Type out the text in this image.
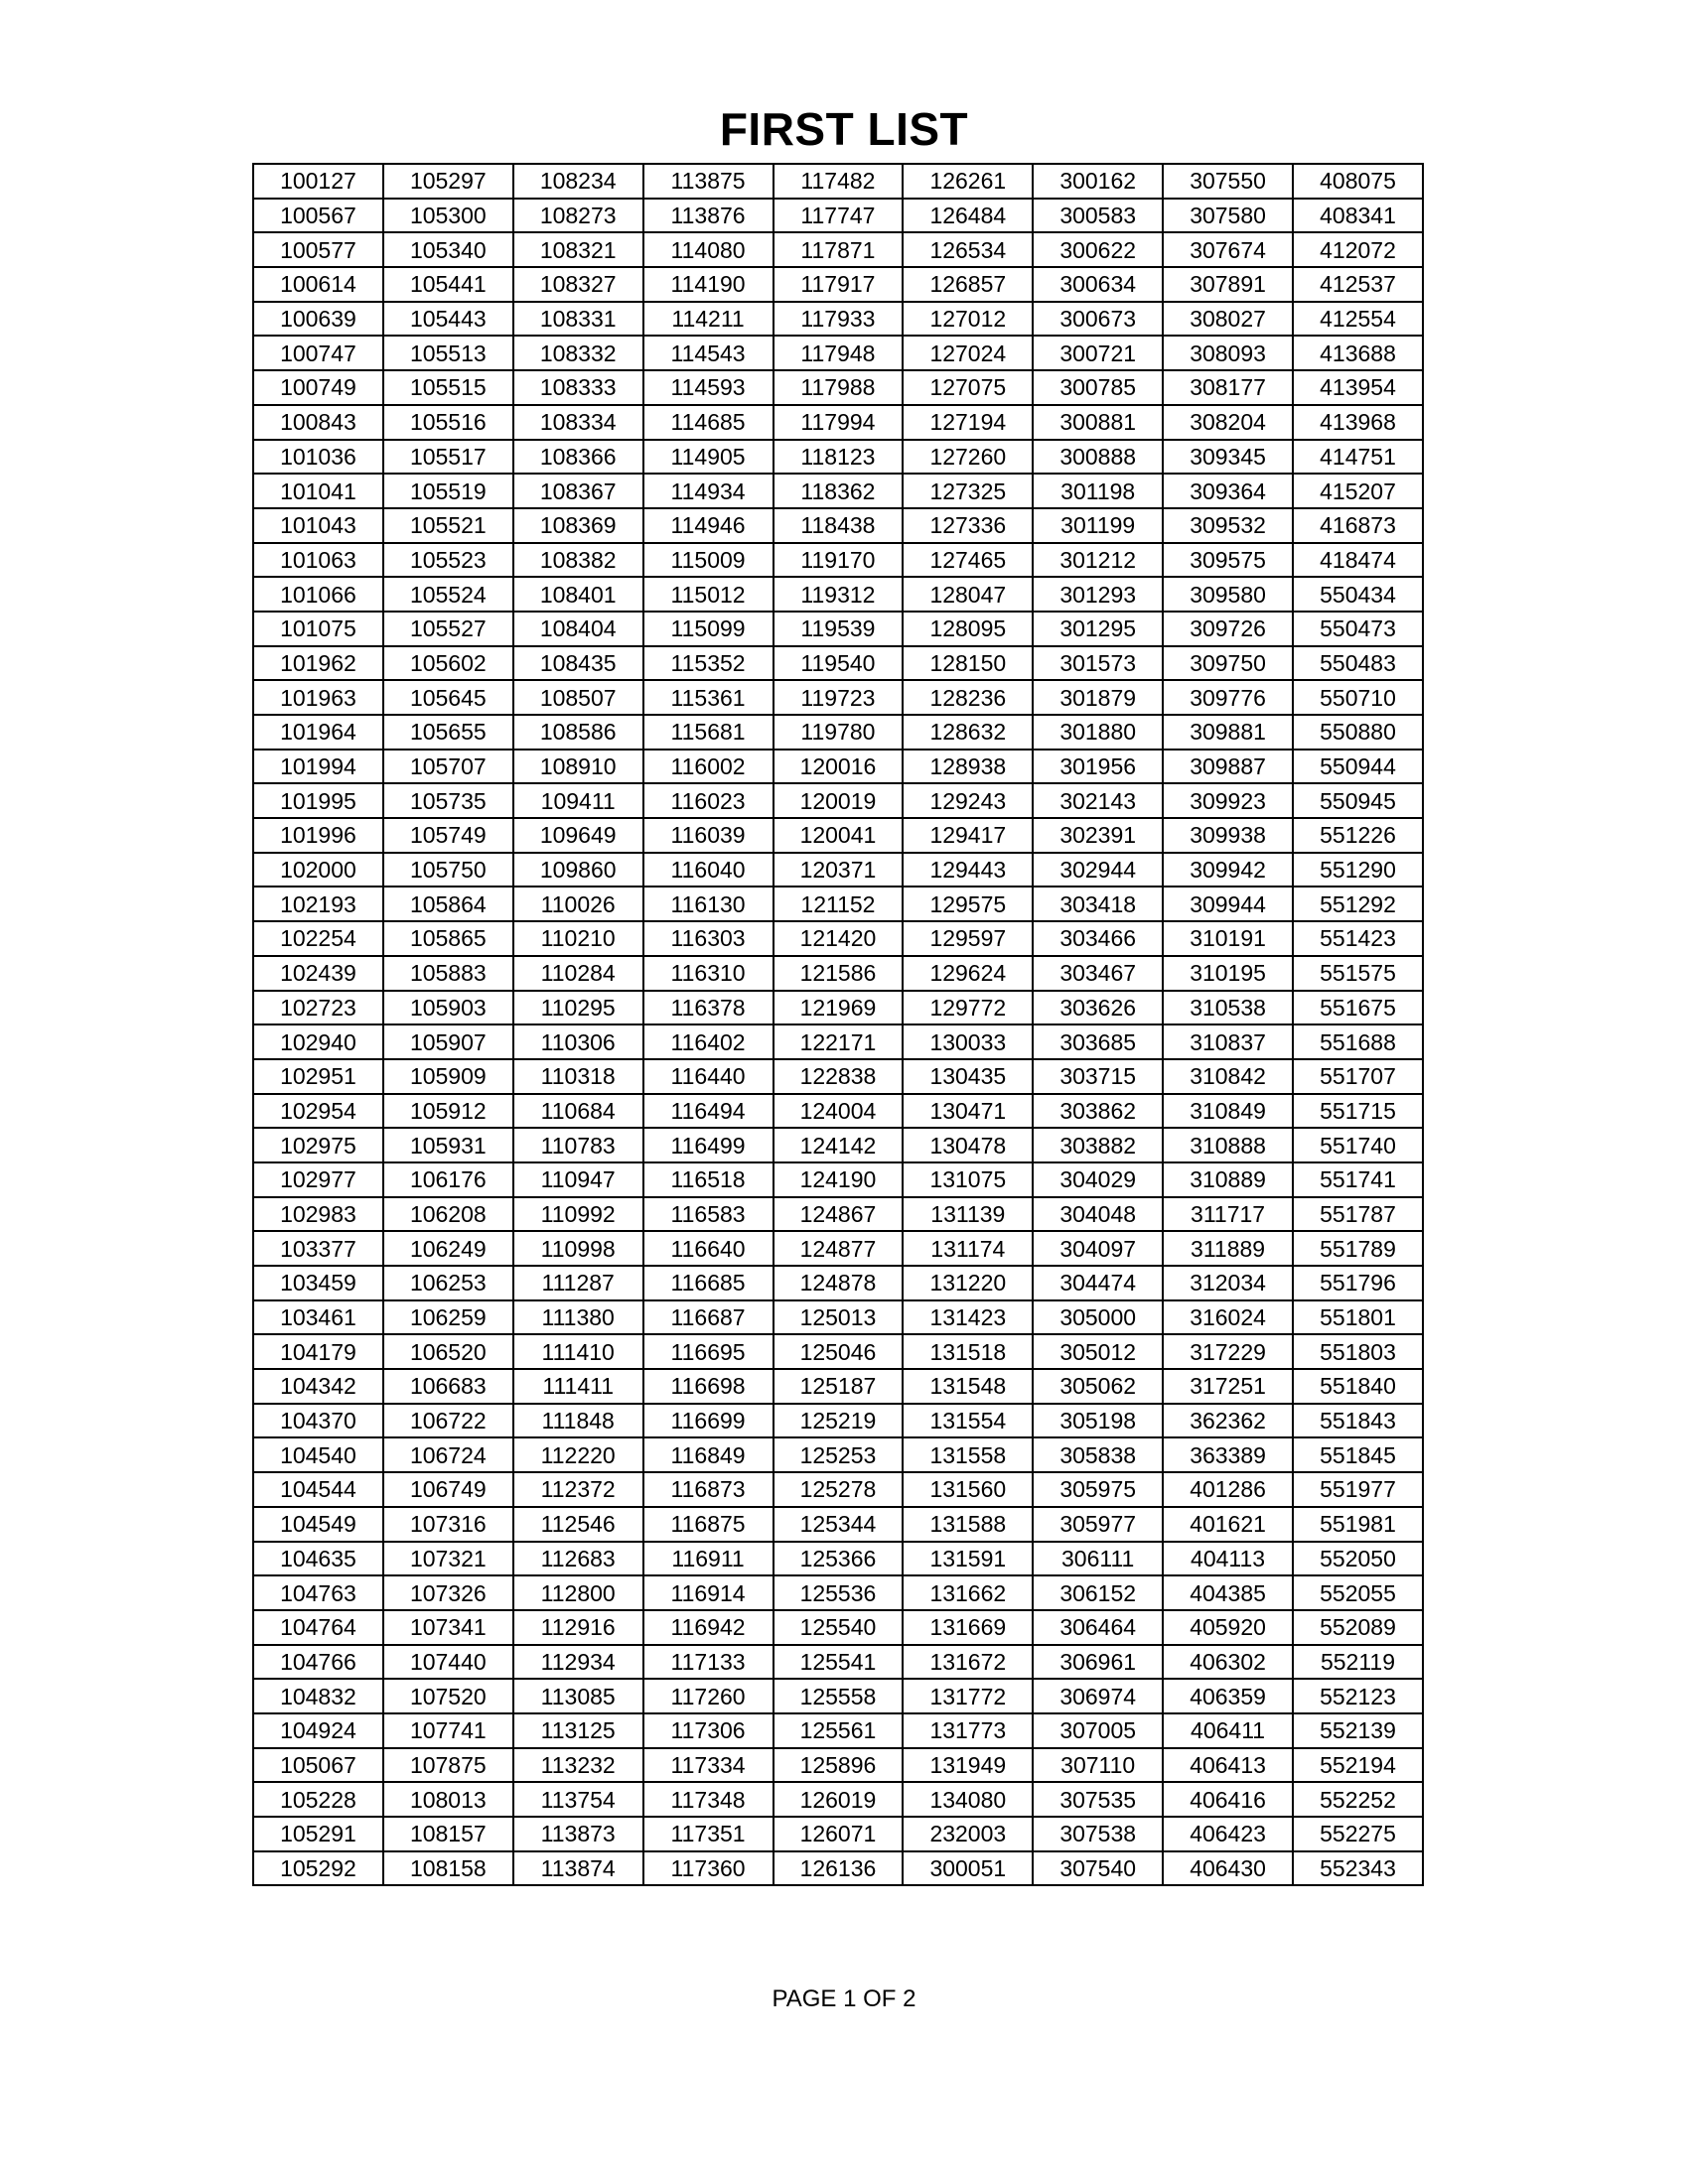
FIRST LIST
100127	105297	108234	113875	117482	126261	300162	307550	408075
100567	105300	108273	113876	117747	126484	300583	307580	408341
100577	105340	108321	114080	117871	126534	300622	307674	412072
100614	105441	108327	114190	117917	126857	300634	307891	412537
100639	105443	108331	114211	117933	127012	300673	308027	412554
100747	105513	108332	114543	117948	127024	300721	308093	413688
100749	105515	108333	114593	117988	127075	300785	308177	413954
100843	105516	108334	114685	117994	127194	300881	308204	413968
101036	105517	108366	114905	118123	127260	300888	309345	414751
101041	105519	108367	114934	118362	127325	301198	309364	415207
101043	105521	108369	114946	118438	127336	301199	309532	416873
101063	105523	108382	115009	119170	127465	301212	309575	418474
101066	105524	108401	115012	119312	128047	301293	309580	550434
101075	105527	108404	115099	119539	128095	301295	309726	550473
101962	105602	108435	115352	119540	128150	301573	309750	550483
101963	105645	108507	115361	119723	128236	301879	309776	550710
101964	105655	108586	115681	119780	128632	301880	309881	550880
101994	105707	108910	116002	120016	128938	301956	309887	550944
101995	105735	109411	116023	120019	129243	302143	309923	550945
101996	105749	109649	116039	120041	129417	302391	309938	551226
102000	105750	109860	116040	120371	129443	302944	309942	551290
102193	105864	110026	116130	121152	129575	303418	309944	551292
102254	105865	110210	116303	121420	129597	303466	310191	551423
102439	105883	110284	116310	121586	129624	303467	310195	551575
102723	105903	110295	116378	121969	129772	303626	310538	551675
102940	105907	110306	116402	122171	130033	303685	310837	551688
102951	105909	110318	116440	122838	130435	303715	310842	551707
102954	105912	110684	116494	124004	130471	303862	310849	551715
102975	105931	110783	116499	124142	130478	303882	310888	551740
102977	106176	110947	116518	124190	131075	304029	310889	551741
102983	106208	110992	116583	124867	131139	304048	311717	551787
103377	106249	110998	116640	124877	131174	304097	311889	551789
103459	106253	111287	116685	124878	131220	304474	312034	551796
103461	106259	111380	116687	125013	131423	305000	316024	551801
104179	106520	111410	116695	125046	131518	305012	317229	551803
104342	106683	111411	116698	125187	131548	305062	317251	551840
104370	106722	111848	116699	125219	131554	305198	362362	551843
104540	106724	112220	116849	125253	131558	305838	363389	551845
104544	106749	112372	116873	125278	131560	305975	401286	551977
104549	107316	112546	116875	125344	131588	305977	401621	551981
104635	107321	112683	116911	125366	131591	306111	404113	552050
104763	107326	112800	116914	125536	131662	306152	404385	552055
104764	107341	112916	116942	125540	131669	306464	405920	552089
104766	107440	112934	117133	125541	131672	306961	406302	552119
104832	107520	113085	117260	125558	131772	306974	406359	552123
104924	107741	113125	117306	125561	131773	307005	406411	552139
105067	107875	113232	117334	125896	131949	307110	406413	552194
105228	108013	113754	117348	126019	134080	307535	406416	552252
105291	108157	113873	117351	126071	232003	307538	406423	552275
105292	108158	113874	117360	126136	300051	307540	406430	552343
PAGE 1 OF 2
